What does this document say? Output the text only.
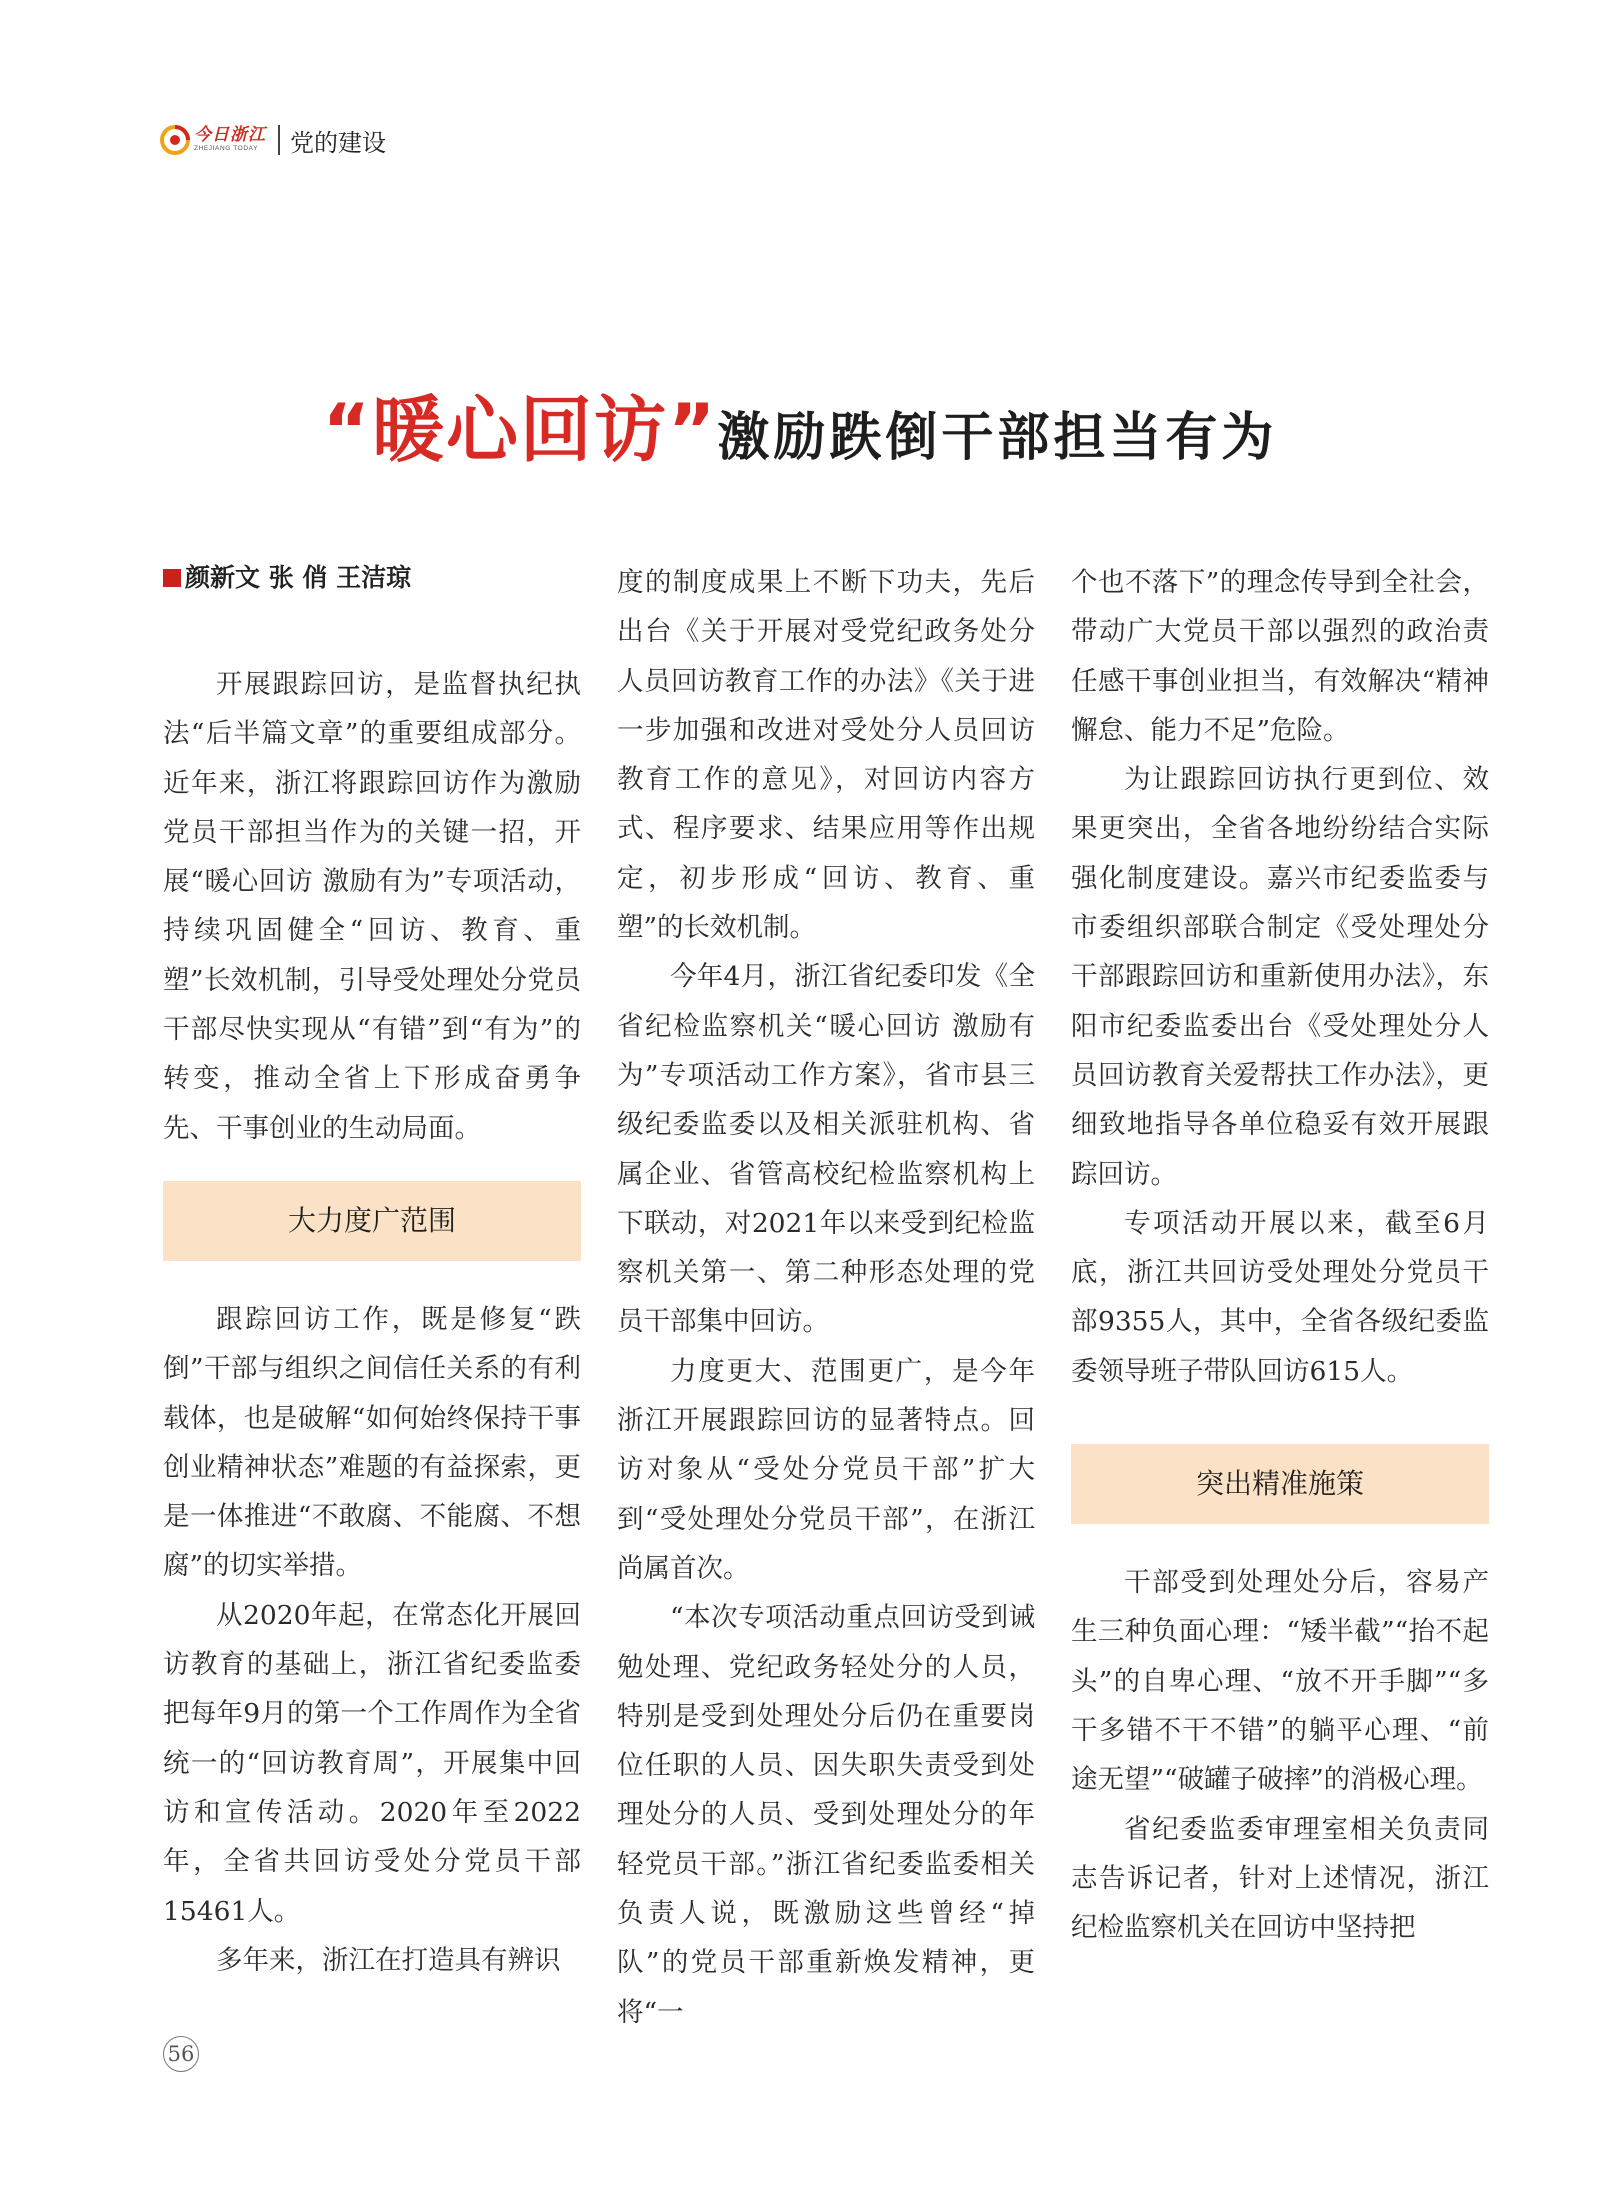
今日浙江
ZHEJIANG TODAY	党的建设
“暖心回访”激励跌倒干部担当有为
颜新文 张 俏 王洁琼

开展跟踪回访，是监督执纪执法“后半篇文章”的重要组成部分。近年来，浙江将跟踪回访作为激励党员干部担当作为的关键一招，开展“暖心回访 激励有为”专项活动，持续巩固健全“回访、教育、重塑”长效机制，引导受处理处分党员干部尽快实现从“有错”到“有为”的转变，推动全省上下形成奋勇争先、干事创业的生动局面。

大力度广范围

跟踪回访工作，既是修复“跌倒”干部与组织之间信任关系的有利载体，也是破解“如何始终保持干事创业精神状态”难题的有益探索，更是一体推进“不敢腐、不能腐、不想腐”的切实举措。

从2020年起，在常态化开展回访教育的基础上，浙江省纪委监委把每年9月的第一个工作周作为全省统一的“回访教育周”，开展集中回访和宣传活动。2020年至2022年，全省共回访受处分党员干部15461人。

多年来，浙江在打造具有辨识

度的制度成果上不断下功夫，先后出台《关于开展对受党纪政务处分人员回访教育工作的办法》《关于进一步加强和改进对受处分人员回访教育工作的意见》，对回访内容方式、程序要求、结果应用等作出规定，初步形成“回访、教育、重塑”的长效机制。

今年4月，浙江省纪委印发《全省纪检监察机关“暖心回访 激励有为”专项活动工作方案》，省市县三级纪委监委以及相关派驻机构、省属企业、省管高校纪检监察机构上下联动，对2021年以来受到纪检监察机关第一、第二种形态处理的党员干部集中回访。

力度更大、范围更广，是今年浙江开展跟踪回访的显著特点。回访对象从“受处分党员干部”扩大到“受处理处分党员干部”，在浙江尚属首次。

“本次专项活动重点回访受到诫勉处理、党纪政务轻处分的人员，特别是受到处理处分后仍在重要岗位任职的人员、因失职失责受到处理处分的人员、受到处理处分的年轻党员干部。”浙江省纪委监委相关负责人说，既激励这些曾经“掉队”的党员干部重新焕发精神，更将“一

个也不落下”的理念传导到全社会，带动广大党员干部以强烈的政治责任感干事创业担当，有效解决“精神懈怠、能力不足”危险。

为让跟踪回访执行更到位、效果更突出，全省各地纷纷结合实际强化制度建设。嘉兴市纪委监委与市委组织部联合制定《受处理处分干部跟踪回访和重新使用办法》，东阳市纪委监委出台《受处理处分人员回访教育关爱帮扶工作办法》，更细致地指导各单位稳妥有效开展跟踪回访。

专项活动开展以来，截至6月底，浙江共回访受处理处分党员干部9355人，其中，全省各级纪委监委领导班子带队回访615人。

突出精准施策

干部受到处理处分后，容易产生三种负面心理：“矮半截”“抬不起头”的自卑心理、“放不开手脚”“多干多错不干不错”的躺平心理、“前途无望”“破罐子破摔”的消极心理。

省纪委监委审理室相关负责同志告诉记者，针对上述情况，浙江纪检监察机关在回访中坚持把

56
